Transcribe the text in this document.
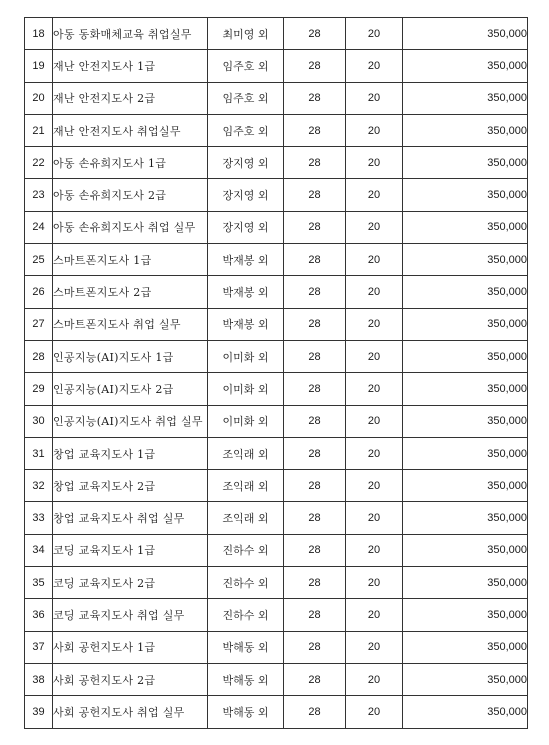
18	아동 동화매체교육 취업실무	최미영 외	28	20	350,000
19	재난 안전지도사 1급	임주호 외	28	20	350,000
20	재난 안전지도사 2급	임주호 외	28	20	350,000
21	재난 안전지도사 취업실무	임주호 외	28	20	350,000
22	아동 손유희지도사 1급	장지영 외	28	20	350,000
23	아동 손유희지도사 2급	장지영 외	28	20	350,000
24	아동 손유희지도사 취업 실무	장지영 외	28	20	350,000
25	스마트폰지도사 1급	박재봉 외	28	20	350,000
26	스마트폰지도사 2급	박재봉 외	28	20	350,000
27	스마트폰지도사 취업 실무	박재봉 외	28	20	350,000
28	인공지능(AI)지도사 1급	이미화 외	28	20	350,000
29	인공지능(AI)지도사 2급	이미화 외	28	20	350,000
30	인공지능(AI)지도사 취업 실무	이미화 외	28	20	350,000
31	창업 교육지도사 1급	조익래 외	28	20	350,000
32	창업 교육지도사 2급	조익래 외	28	20	350,000
33	창업 교육지도사 취업 실무	조익래 외	28	20	350,000
34	코딩 교육지도사 1급	진하수 외	28	20	350,000
35	코딩 교육지도사 2급	진하수 외	28	20	350,000
36	코딩 교육지도사 취업 실무	진하수 외	28	20	350,000
37	사회 공헌지도사 1급	박해동 외	28	20	350,000
38	사회 공헌지도사 2급	박해동 외	28	20	350,000
39	사회 공헌지도사 취업 실무	박해동 외	28	20	350,000
